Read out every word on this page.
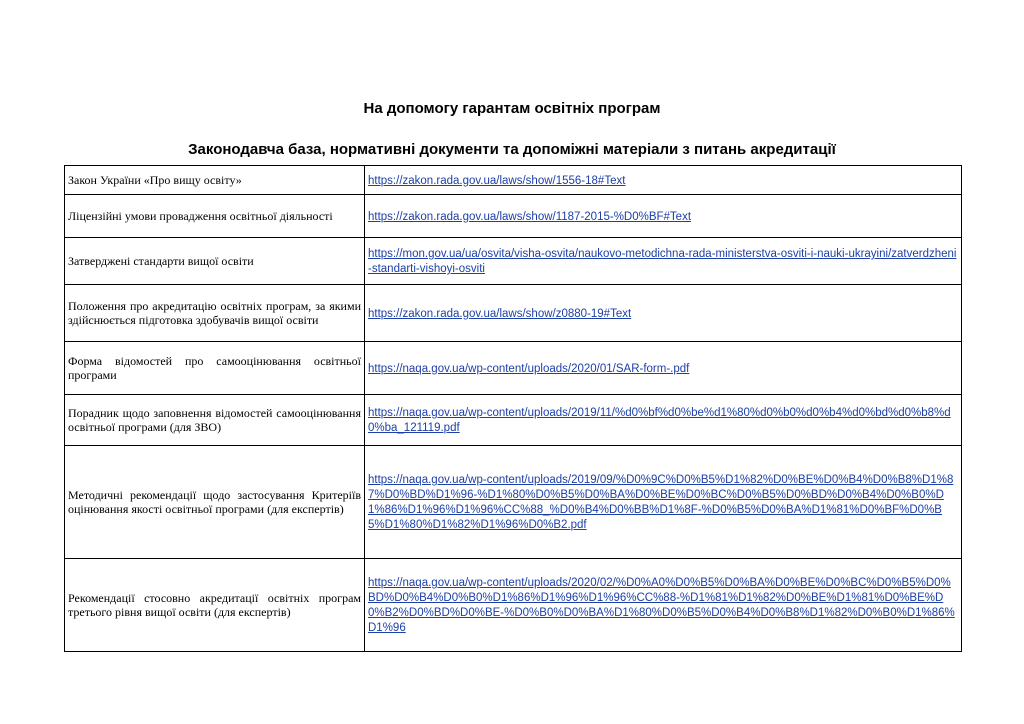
На допомогу гарантам освітніх програм
Законодавча база, нормативні документи та допоміжні матеріали з питань акредитації
Закон України «Про вищу освіту»	https://zakon.rada.gov.ua/laws/show/1556-18#Text
Ліцензійні умови провадження освітньої діяльності	https://zakon.rada.gov.ua/laws/show/1187-2015-%D0%BF#Text
Затверджені стандарти вищої освіти	https://mon.gov.ua/ua/osvita/visha-osvita/naukovo-metodichna-rada-ministerstva-osviti-i-nauki-ukrayini/zatverdzheni-standarti-vishoyi-osviti
Положення про акредитацію освітніх програм, за якими здійснюється підготовка здобувачів вищої освіти	https://zakon.rada.gov.ua/laws/show/z0880-19#Text
Форма відомостей про самооцінювання освітньої програми	https://naqa.gov.ua/wp-content/uploads/2020/01/SAR-form-.pdf
Порадник щодо заповнення відомостей самооцінювання освітньої програми (для ЗВО)	https://naqa.gov.ua/wp-content/uploads/2019/11/%d0%bf%d0%be%d1%80%d0%b0%d0%b4%d0%bd%d0%b8%d0%ba_121119.pdf
Методичні рекомендації щодо застосування Критеріїв оцінювання якості освітньої програми (для експертів)	https://naqa.gov.ua/wp-content/uploads/2019/09/%D0%9C%D0%B5%D1%82%D0%BE%D0%B4%D0%B8%D1%87%D0%BD%D1%96-%D1%80%D0%B5%D0%BA%D0%BE%D0%BC%D0%B5%D0%BD%D0%B4%D0%B0%D1%86%D1%96%D1%96%CC%88_%D0%B4%D0%BB%D1%8F-%D0%B5%D0%BA%D1%81%D0%BF%D0%B5%D1%80%D1%82%D1%96%D0%B2.pdf
Рекомендації стосовно акредитації освітніх програм третього рівня вищої освіти (для експертів)	https://naqa.gov.ua/wp-content/uploads/2020/02/%D0%A0%D0%B5%D0%BA%D0%BE%D0%BC%D0%B5%D0%BD%D0%B4%D0%B0%D1%86%D1%96%D1%96%CC%88-%D1%81%D1%82%D0%BE%D1%81%D0%BE%D0%B2%D0%BD%D0%BE-%D0%B0%D0%BA%D1%80%D0%B5%D0%B4%D0%B8%D1%82%D0%B0%D1%86%D1%96
